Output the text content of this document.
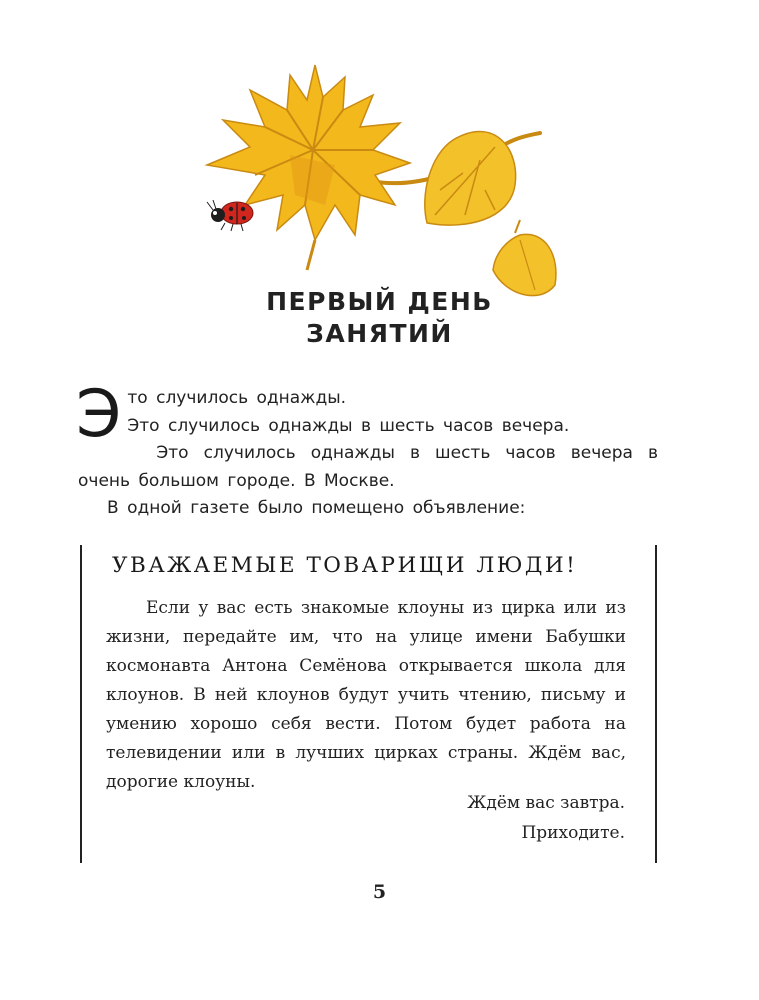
ПЕРВЫЙ ДЕНЬ
ЗАНЯТИЙ

Это случилось однажды.

Это случилось однажды в шесть часов вечера.

Это случилось однажды в шесть часов вечера в очень большом городе. В Москве.

В одной газете было помещено объявление:

УВАЖАЕМЫЕ ТОВАРИЩИ ЛЮДИ!

Если у вас есть знакомые клоуны из цирка или из жизни, передайте им, что на улице имени Бабушки космонавта Антона Семёнова открывается школа для клоунов. В ней клоунов будут учить чтению, письму и умению хорошо себя вести. Потом будет работа на телевидении или в лучших цирках страны. Ждём вас, дорогие клоуны.

Ждём вас завтра.
Приходите.
5
